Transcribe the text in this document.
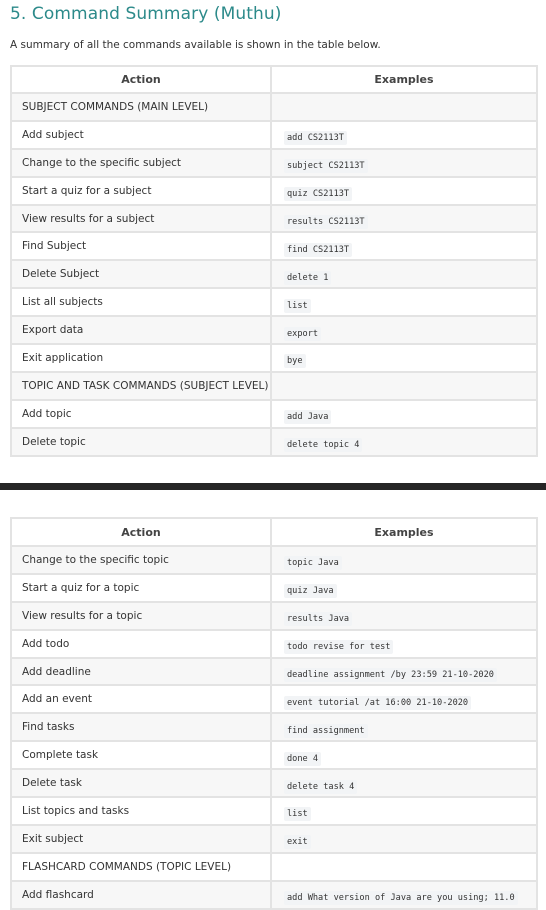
5. Command Summary (Muthu)

A summary of all the commands available is shown in the table below.

Action	Examples
SUBJECT COMMANDS (MAIN LEVEL)	
Add subject	add CS2113T
Change to the specific subject	subject CS2113T
Start a quiz for a subject	quiz CS2113T
View results for a subject	results CS2113T
Find Subject	find CS2113T
Delete Subject	delete 1
List all subjects	list
Export data	export
Exit application	bye
TOPIC AND TASK COMMANDS (SUBJECT LEVEL)	
Add topic	add Java
Delete topic	delete topic 4
Action	Examples
Change to the specific topic	topic Java
Start a quiz for a topic	quiz Java
View results for a topic	results Java
Add todo	todo revise for test
Add deadline	deadline assignment /by 23:59 21-10-2020
Add an event	event tutorial /at 16:00 21-10-2020
Find tasks	find assignment
Complete task	done 4
Delete task	delete task 4
List topics and tasks	list
Exit subject	exit
FLASHCARD COMMANDS (TOPIC LEVEL)	
Add flashcard	add What version of Java are you using; 11.0
